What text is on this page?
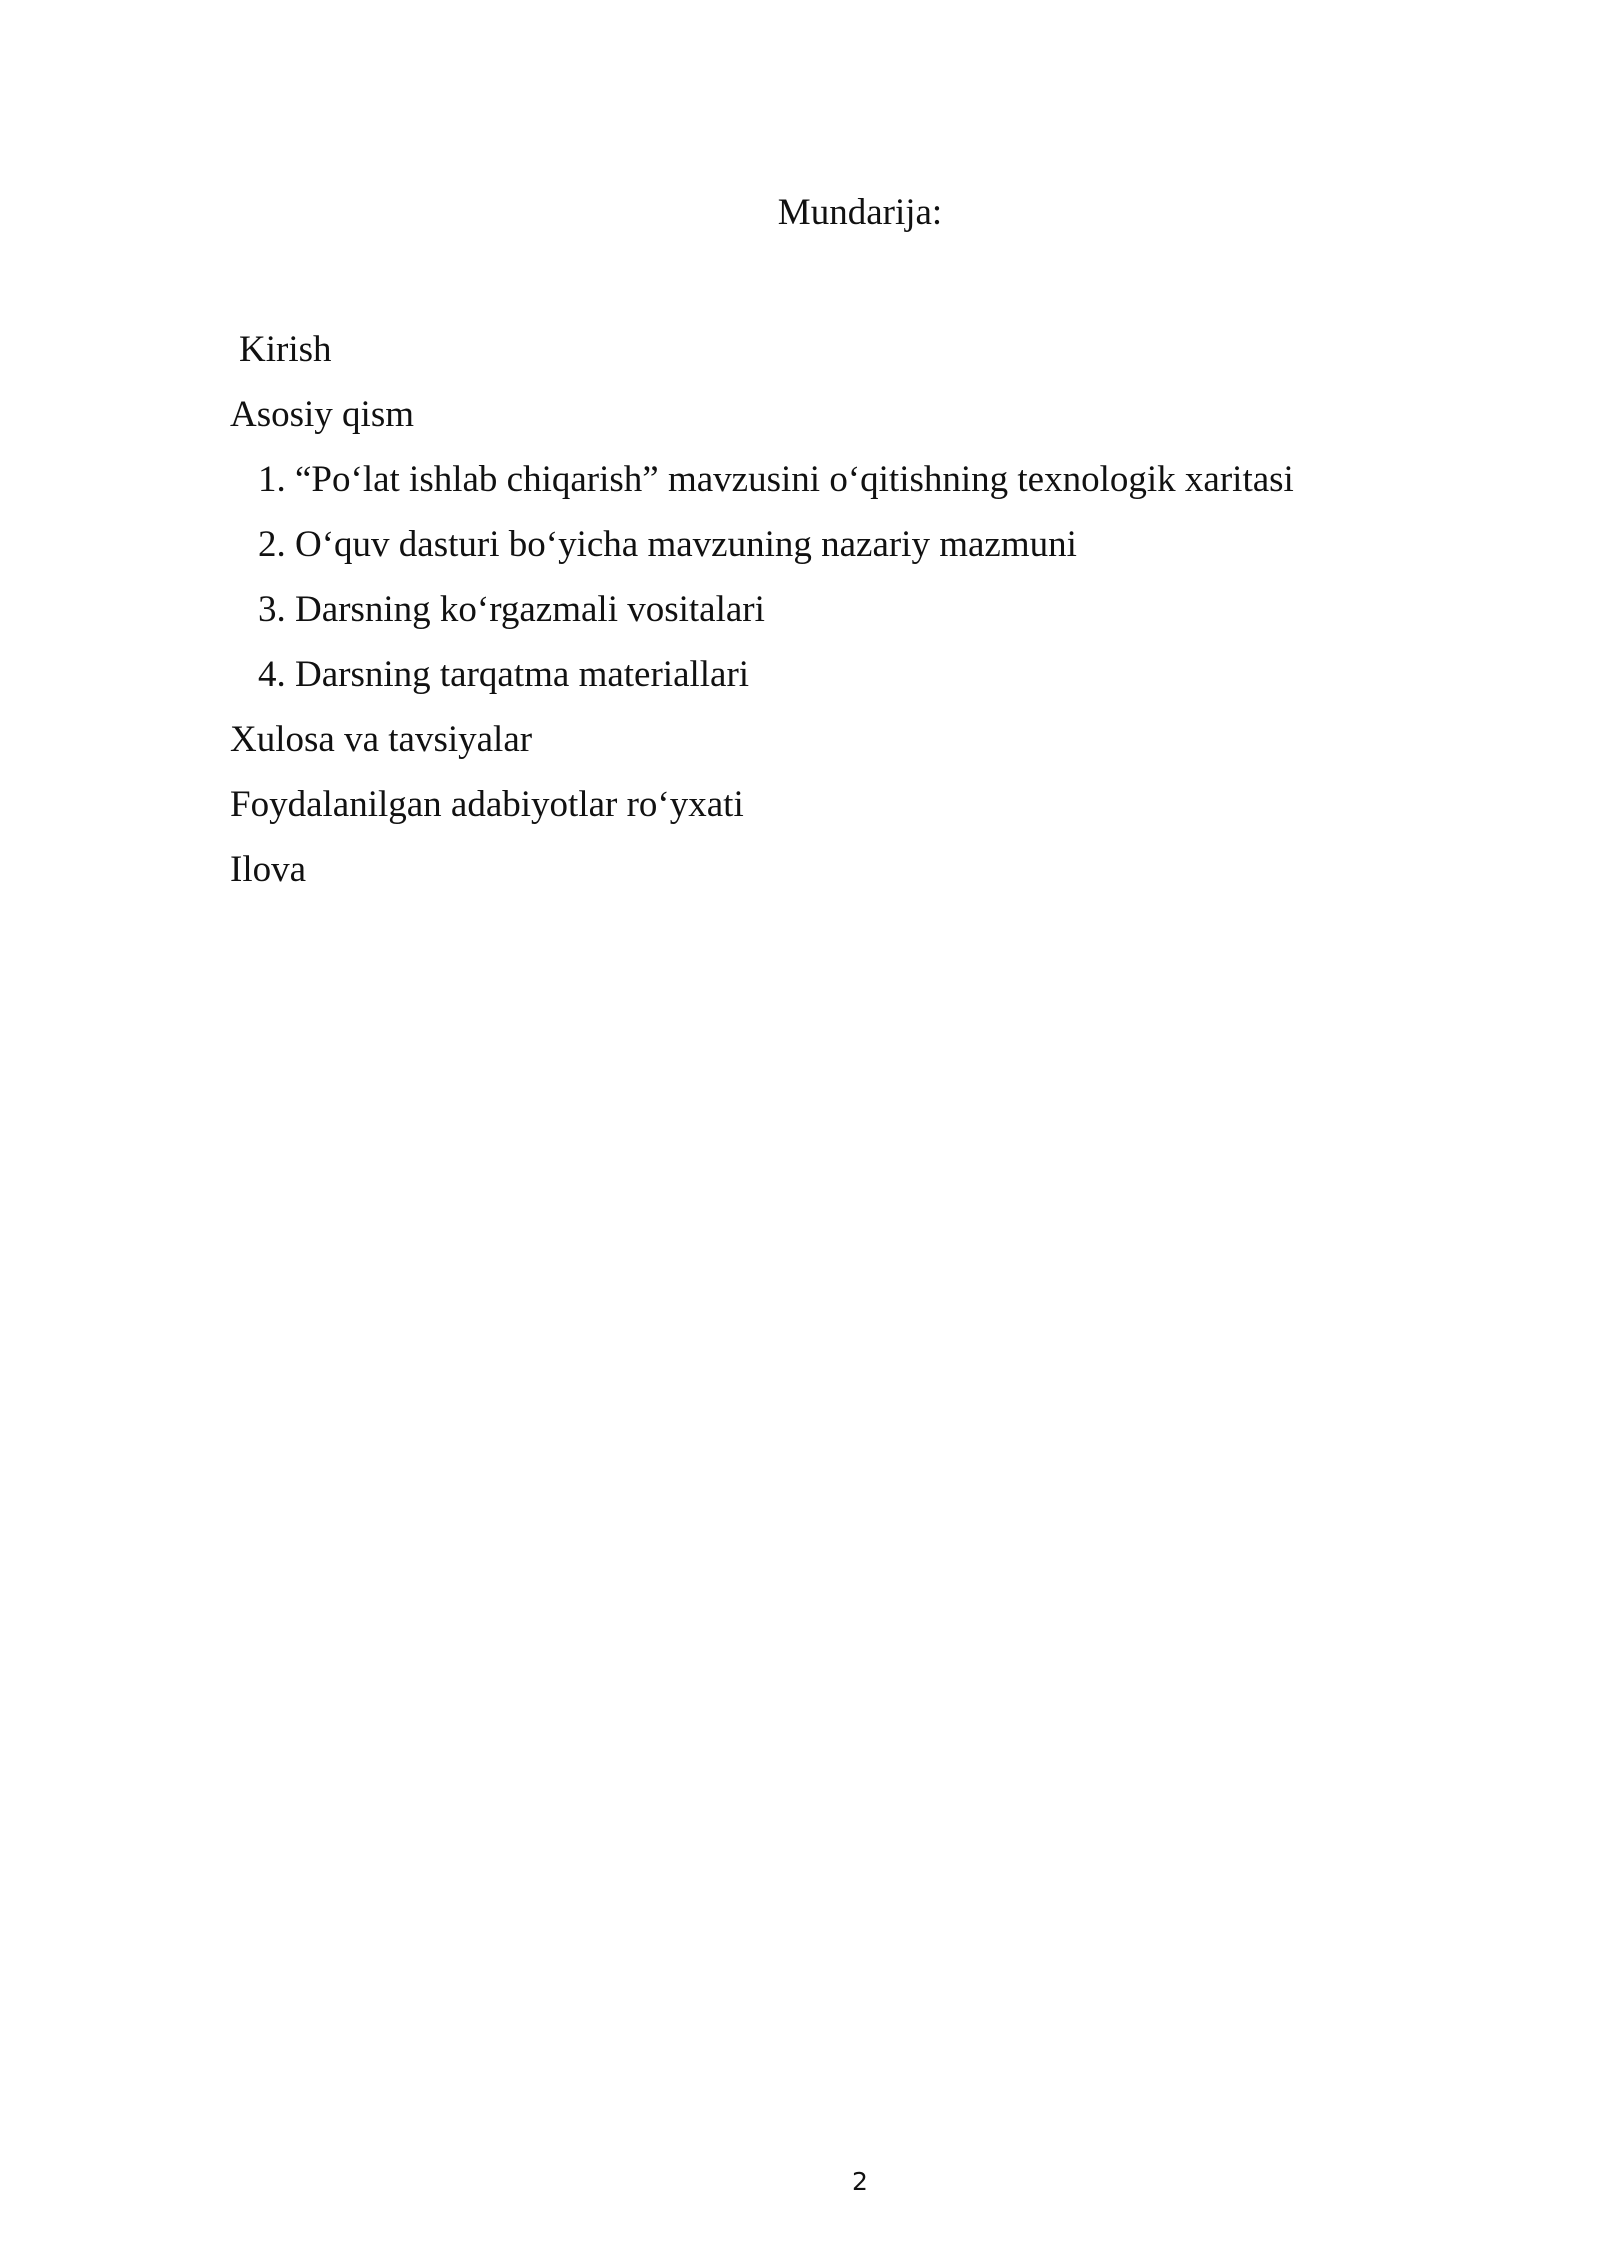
Mundarija:
Kirish
Asosiy qism
1. “Po‘lat ishlab chiqarish” mavzusini o‘qitishning texnologik xaritasi
2. O‘quv dasturi bo‘yicha mavzuning nazariy mazmuni
3. Darsning ko‘rgazmali vositalari
4. Darsning tarqatma materiallari
Xulosa va tavsiyalar
Foydalanilgan adabiyotlar ro‘yxati
Ilova
2
